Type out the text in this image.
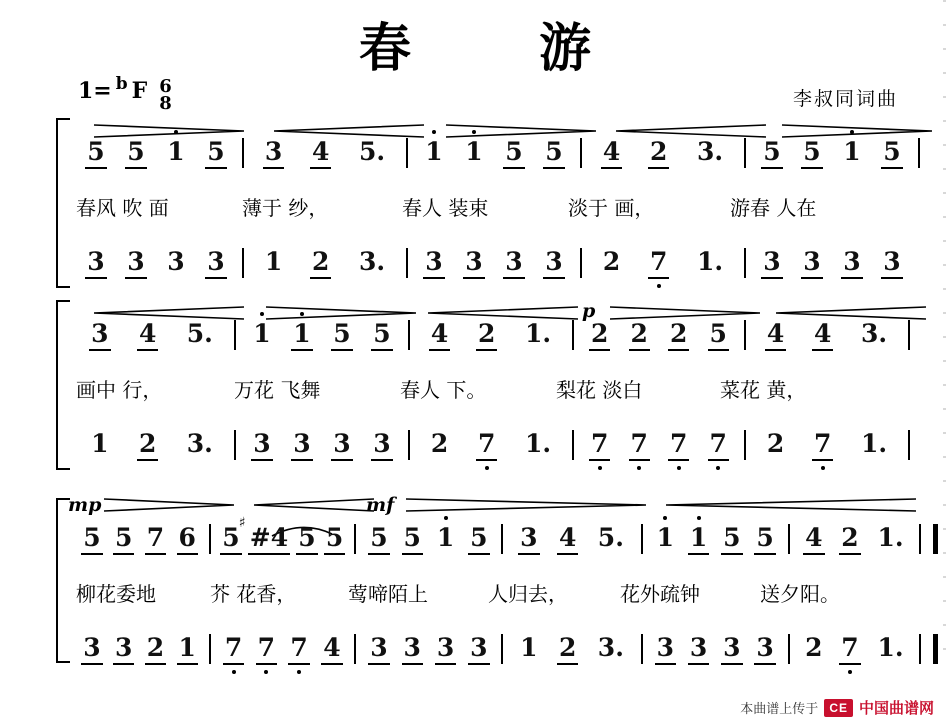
春　游
1= b F 6
8	李叔同词曲
5 5 1 5 3 4 5. 1 1 5 5 4 2 3. 5 5 1 5
春风 吹 面	薄于 纱，	春人 装束	淡于 画，	游春 人在
3 3 3 3 1 2 3. 3 3 3 3 2 7 1. 3 3 3 3
p
3 4 5. 1 1 5 5 4 2 1. 2 2 2 5 4 4 3.
画中 行，	万花 飞舞	春人 下。	梨花 淡白	菜花 黄，
1 2 3. 3 3 3 3 2 7 1. 7 7 7 7 2 7 1.
mp	mf
5 5 7 6 5 ♯ #4 5 5 5 5 1 5 3 4 5. 1 1 5 5 4 2 1.
柳花委地	芥 花香，	莺啼陌上	人归去，	花外疏钟	送夕阳。
3 3 2 1 7 7 7 4 3 3 3 3 1 2 3. 3 3 3 3 2 7 1.
本曲谱上传于 CE 中国曲谱网
